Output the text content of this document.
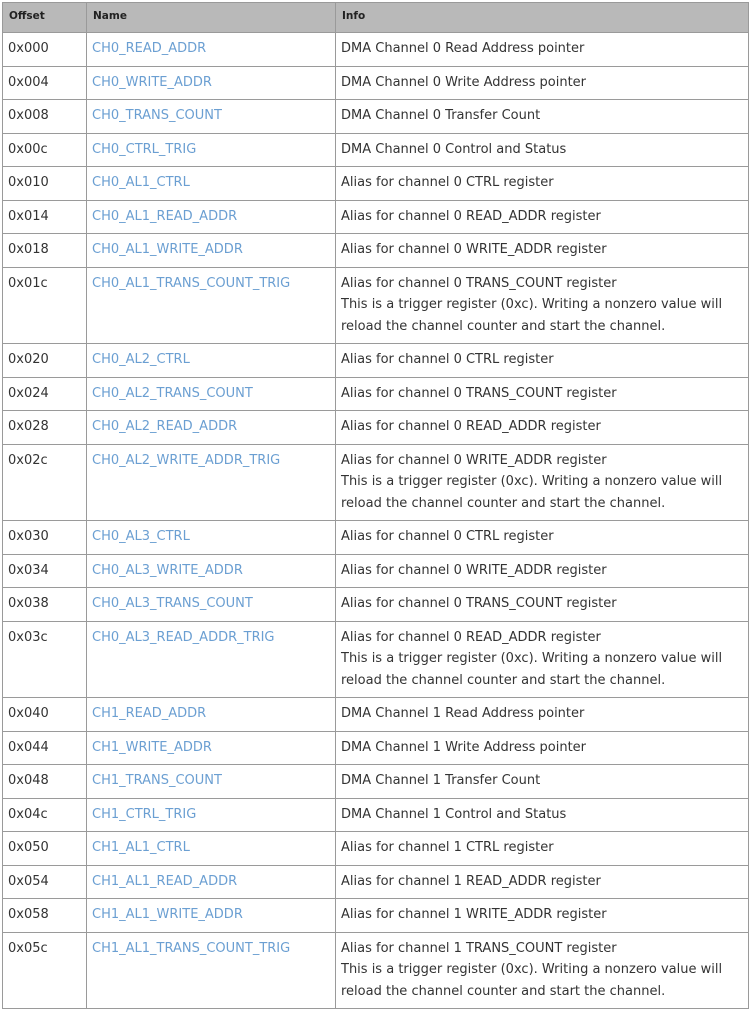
Offset	Name	Info
0x000	CH0_READ_ADDR	DMA Channel 0 Read Address pointer

0x004	CH0_WRITE_ADDR	DMA Channel 0 Write Address pointer

0x008	CH0_TRANS_COUNT	DMA Channel 0 Transfer Count

0x00c	CH0_CTRL_TRIG	DMA Channel 0 Control and Status

0x010	CH0_AL1_CTRL	Alias for channel 0 CTRL register

0x014	CH0_AL1_READ_ADDR	Alias for channel 0 READ_ADDR register

0x018	CH0_AL1_WRITE_ADDR	Alias for channel 0 WRITE_ADDR register

0x01c	CH0_AL1_TRANS_COUNT_TRIG	Alias for channel 0 TRANS_COUNT register
This is a trigger register (0xc). Writing a nonzero value will
reload the channel counter and start the channel.

0x020	CH0_AL2_CTRL	Alias for channel 0 CTRL register

0x024	CH0_AL2_TRANS_COUNT	Alias for channel 0 TRANS_COUNT register

0x028	CH0_AL2_READ_ADDR	Alias for channel 0 READ_ADDR register

0x02c	CH0_AL2_WRITE_ADDR_TRIG	Alias for channel 0 WRITE_ADDR register
This is a trigger register (0xc). Writing a nonzero value will
reload the channel counter and start the channel.

0x030	CH0_AL3_CTRL	Alias for channel 0 CTRL register

0x034	CH0_AL3_WRITE_ADDR	Alias for channel 0 WRITE_ADDR register

0x038	CH0_AL3_TRANS_COUNT	Alias for channel 0 TRANS_COUNT register

0x03c	CH0_AL3_READ_ADDR_TRIG	Alias for channel 0 READ_ADDR register
This is a trigger register (0xc). Writing a nonzero value will
reload the channel counter and start the channel.

0x040	CH1_READ_ADDR	DMA Channel 1 Read Address pointer

0x044	CH1_WRITE_ADDR	DMA Channel 1 Write Address pointer

0x048	CH1_TRANS_COUNT	DMA Channel 1 Transfer Count

0x04c	CH1_CTRL_TRIG	DMA Channel 1 Control and Status

0x050	CH1_AL1_CTRL	Alias for channel 1 CTRL register

0x054	CH1_AL1_READ_ADDR	Alias for channel 1 READ_ADDR register

0x058	CH1_AL1_WRITE_ADDR	Alias for channel 1 WRITE_ADDR register

0x05c	CH1_AL1_TRANS_COUNT_TRIG	Alias for channel 1 TRANS_COUNT register
This is a trigger register (0xc). Writing a nonzero value will
reload the channel counter and start the channel.
